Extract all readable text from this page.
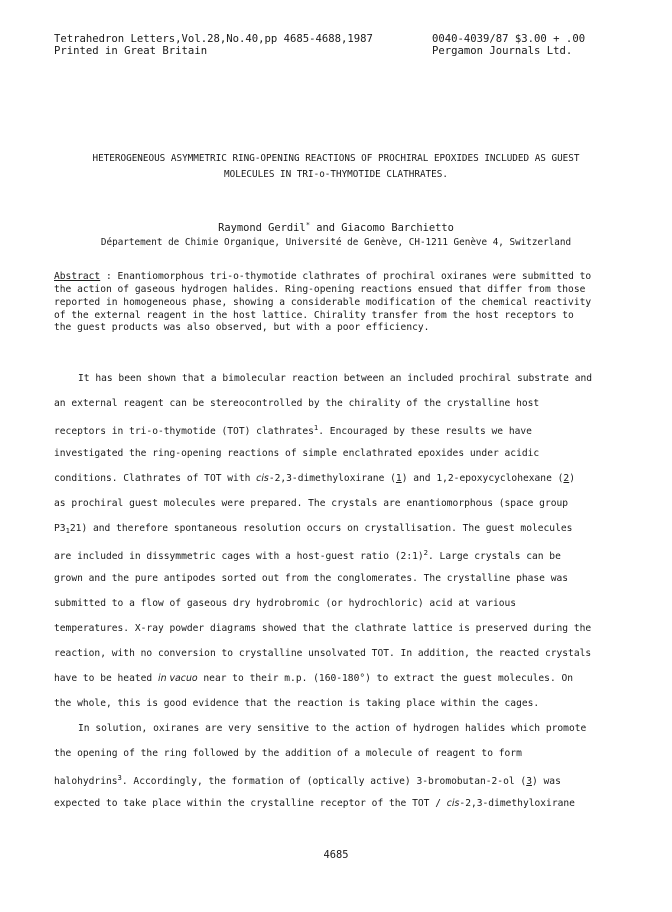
Tetrahedron Letters,Vol.28,No.40,pp 4685-4688,1987
Printed in Great Britain
0040-4039/87 $3.00 + .00
Pergamon Journals Ltd.
HETEROGENEOUS ASYMMETRIC RING-OPENING REACTIONS OF PROCHIRAL EPOXIDES INCLUDED AS GUEST
MOLECULES IN TRI-o-THYMOTIDE CLATHRATES.
Raymond Gerdil* and Giacomo Barchietto
Département de Chimie Organique, Université de Genève, CH-1211 Genève 4, Switzerland
Abstract : Enantiomorphous tri-o-thymotide clathrates of prochiral oxiranes were submitted to
the action of gaseous hydrogen halides. Ring-opening reactions ensued that differ from those
reported in homogeneous phase, showing a considerable modification of the chemical reactivity
of the external reagent in the host lattice. Chirality transfer from the host receptors to
the guest products was also observed, but with a poor efficiency.
It has been shown that a bimolecular reaction between an included prochiral substrate and
an external reagent can be stereocontrolled by the chirality of the crystalline host
receptors in tri-o-thymotide (TOT) clathrates$^1$. Encouraged by these results we have
investigated the ring-opening reactions of simple enclathrated epoxides under acidic
conditions. Clathrates of TOT with cis-2,3-dimethyloxirane (1) and 1,2-epoxycyclohexane (2)
as prochiral guest molecules were prepared. The crystals are enantiomorphous (space group
$P3_121$) and therefore spontaneous resolution occurs on crystallisation. The guest molecules
are included in dissymmetric cages with a host-guest ratio (2:1)$^2$. Large crystals can be
grown and the pure antipodes sorted out from the conglomerates. The crystalline phase was
submitted to a flow of gaseous dry hydrobromic (or hydrochloric) acid at various
temperatures. X-ray powder diagrams showed that the clathrate lattice is preserved during the
reaction, with no conversion to crystalline unsolvated TOT. In addition, the reacted crystals
have to be heated in vacuo near to their m.p. (160-180°) to extract the guest molecules. On
the whole, this is good evidence that the reaction is taking place within the cages.
In solution, oxiranes are very sensitive to the action of hydrogen halides which promote
the opening of the ring followed by the addition of a molecule of reagent to form
halohydrins$^3$. Accordingly, the formation of (optically active) 3-bromobutan-2-ol (3) was
expected to take place within the crystalline receptor of the TOT / cis-2,3-dimethyloxirane
4685
